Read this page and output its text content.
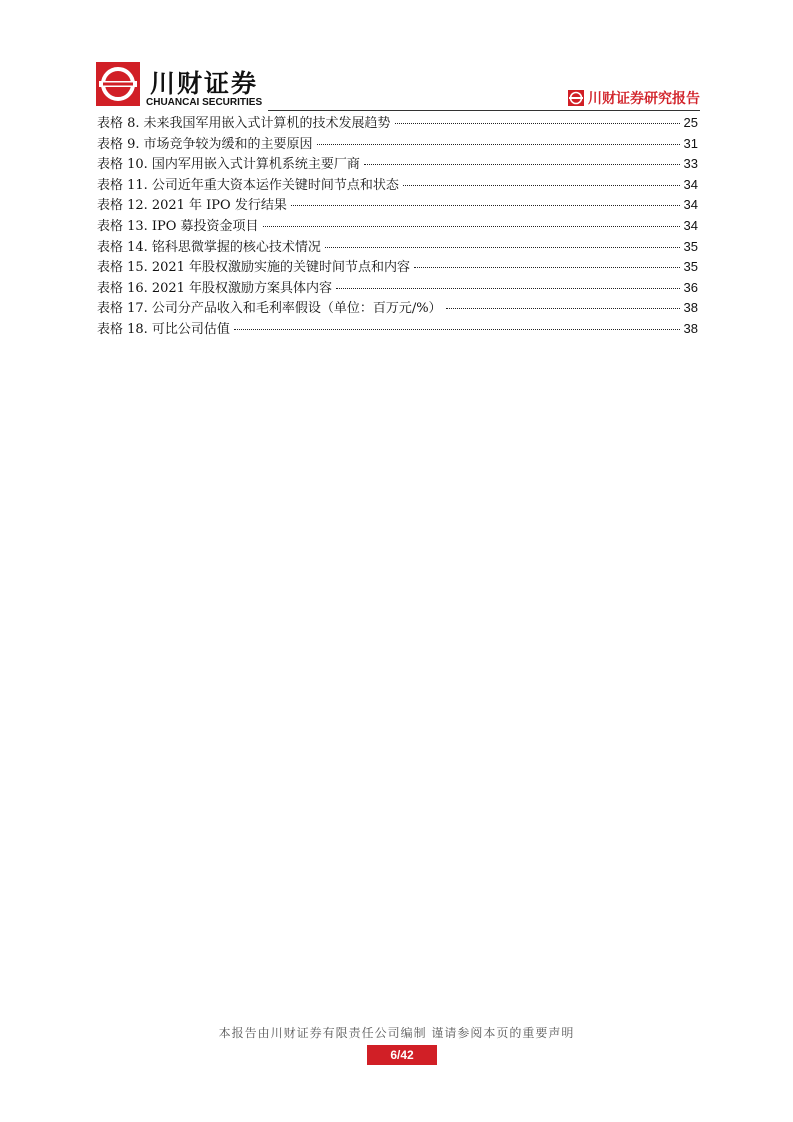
川财证券
CHUANCAI SECURITIES	川财证券研究报告
表格 8. 未来我国军用嵌入式计算机的技术发展趋势	25
表格 9. 市场竞争较为缓和的主要原因	31
表格 10. 国内军用嵌入式计算机系统主要厂商	33
表格 11. 公司近年重大资本运作关键时间节点和状态	34
表格 12. 2021 年 IPO 发行结果	34
表格 13. IPO 募投资金项目	34
表格 14. 铭科思微掌握的核心技术情况	35
表格 15. 2021 年股权激励实施的关键时间节点和内容	35
表格 16. 2021 年股权激励方案具体内容	36
表格 17. 公司分产品收入和毛利率假设（单位：百万元/%）	38
表格 18. 可比公司估值	38
本报告由川财证券有限责任公司编制 谨请参阅本页的重要声明
6/42
